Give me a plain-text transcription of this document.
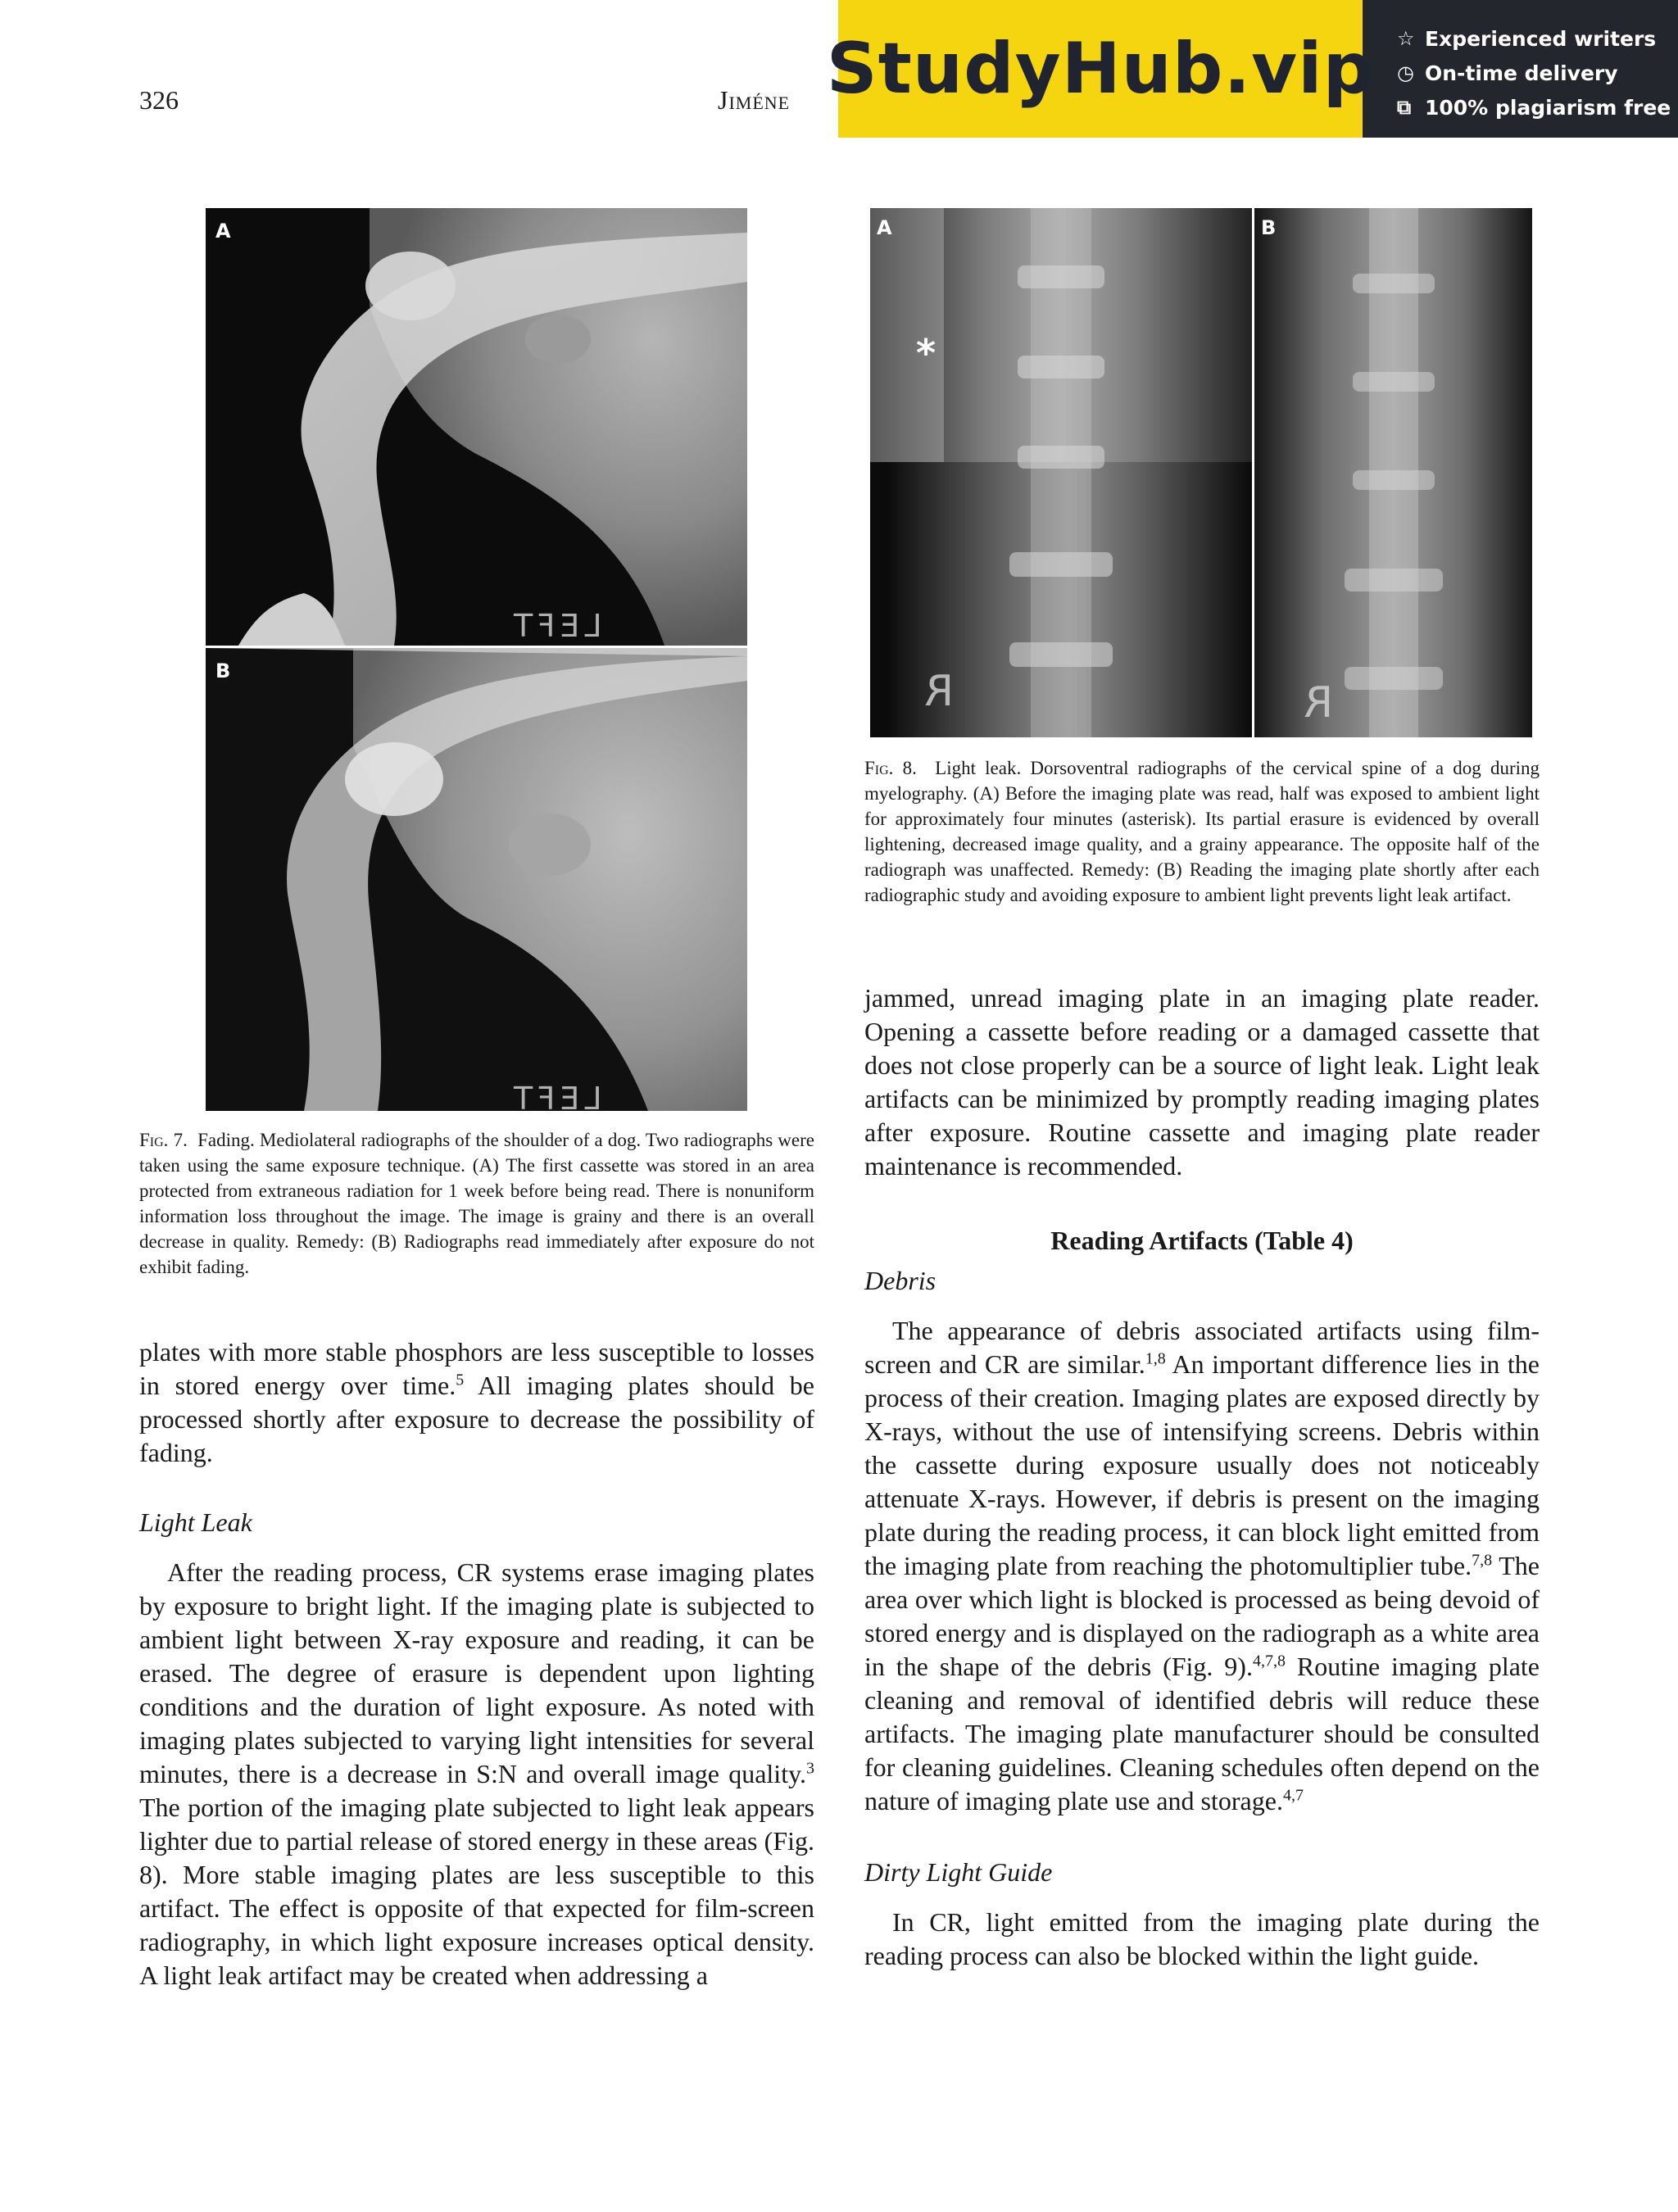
326	Jiméne StudyHub.vip ☆ Experienced writers
◷ On-time delivery
⧉ 100% plagiarism free
A
LEFT
B
LEFT
Fig. 7. Fading. Mediolateral radiographs of the shoulder of a dog. Two radiographs were taken using the same exposure technique. (A) The first cassette was stored in an area protected from extraneous radiation for 1 week before being read. There is nonuniform information loss throughout the image. The image is grainy and there is an overall decrease in quality. Remedy: (B) Radiographs read immediately after exposure do not exhibit fading.
A
*
R
B
R
Fig. 8. Light leak. Dorsoventral radiographs of the cervical spine of a dog during myelography. (A) Before the imaging plate was read, half was exposed to ambient light for approximately four minutes (asterisk). Its partial erasure is evidenced by overall lightening, decreased image quality, and a grainy appearance. The opposite half of the radiograph was unaffected. Remedy: (B) Reading the imaging plate shortly after each radiographic study and avoiding exposure to ambient light prevents light leak artifact.

plates with more stable phosphors are less susceptible to losses in stored energy over time.$^5$ All imaging plates should be processed shortly after exposure to decrease the possibility of fading.

Light Leak

After the reading process, CR systems erase imaging plates by exposure to bright light. If the imaging plate is subjected to ambient light between X-ray exposure and reading, it can be erased. The degree of erasure is dependent upon lighting conditions and the duration of light exposure. As noted with imaging plates subjected to varying light intensities for several minutes, there is a decrease in S:N and overall image quality.$^3$ The portion of the imaging plate subjected to light leak appears lighter due to partial release of stored energy in these areas (Fig. 8). More stable imaging plates are less susceptible to this artifact. The effect is opposite of that expected for film-screen radiography, in which light exposure increases optical density. A light leak artifact may be created when addressing a

jammed, unread imaging plate in an imaging plate reader. Opening a cassette before reading or a damaged cassette that does not close properly can be a source of light leak. Light leak artifacts can be minimized by promptly reading imaging plates after exposure. Routine cassette and imaging plate reader maintenance is recommended.

Reading Artifacts (Table 4)
Debris

The appearance of debris associated artifacts using film-screen and CR are similar.$^{1,8}$ An important difference lies in the process of their creation. Imaging plates are exposed directly by X-rays, without the use of intensifying screens. Debris within the cassette during exposure usually does not noticeably attenuate X-rays. However, if debris is present on the imaging plate during the reading process, it can block light emitted from the imaging plate from reaching the photomultiplier tube.$^{7,8}$ The area over which light is blocked is processed as being devoid of stored energy and is displayed on the radiograph as a white area in the shape of the debris (Fig. 9).$^{4,7,8}$ Routine imaging plate cleaning and removal of identified debris will reduce these artifacts. The imaging plate manufacturer should be consulted for cleaning guidelines. Cleaning schedules often depend on the nature of imaging plate use and storage.$^{4,7}$

Dirty Light Guide

In CR, light emitted from the imaging plate during the reading process can also be blocked within the light guide.
